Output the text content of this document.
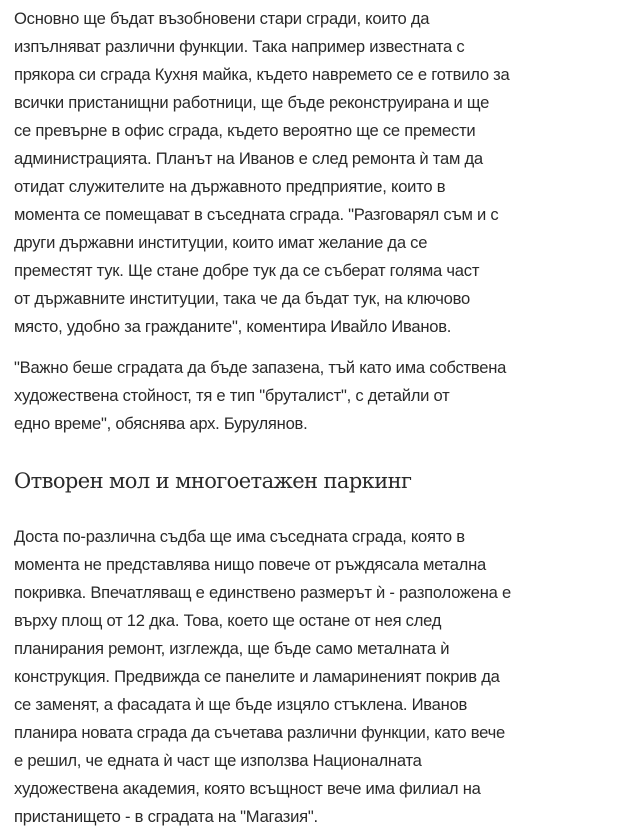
Основно ще бъдат възобновени стари сгради, които да
изпълняват различни функции. Така например известната с
прякора си сграда Кухня майка, където навремето се е готвило за
всички пристанищни работници, ще бъде реконструирана и ще
се превърне в офис сграда, където вероятно ще се премести
администрацията. Планът на Иванов е след ремонта ѝ там да
отидат служителите на държавното предприятие, които в
момента се помещават в съседната сграда. "Разговарял съм и с
други държавни институции, които имат желание да се
преместят тук. Ще стане добре тук да се съберат голяма част
от държавните институции, така че да бъдат тук, на ключово
място, удобно за гражданите", коментира Ивайло Иванов.

"Важно беше сградата да бъде запазена, тъй като има собствена
художествена стойност, тя е тип "бруталист", с детайли от
едно време", обяснява арх. Бурулянов.

Отворен мол и многоетажен паркинг

Доста по-различна съдба ще има съседната сграда, която в
момента не представлява нищо повече от ръждясала метална
покривка. Впечатляващ е единствено размерът ѝ - разположена е
върху площ от 12 дка. Това, което ще остане от нея след
планирания ремонт, изглежда, ще бъде само металната ѝ
конструкция. Предвижда се панелите и ламариненият покрив да
се заменят, а фасадата ѝ ще бъде изцяло стъклена. Иванов
планира новата сграда да съчетава различни функции, като вече
е решил, че едната ѝ част ще използва Националната
художествена академия, която всъщност вече има филиал на
пристанището - в сградата на "Магазия".
